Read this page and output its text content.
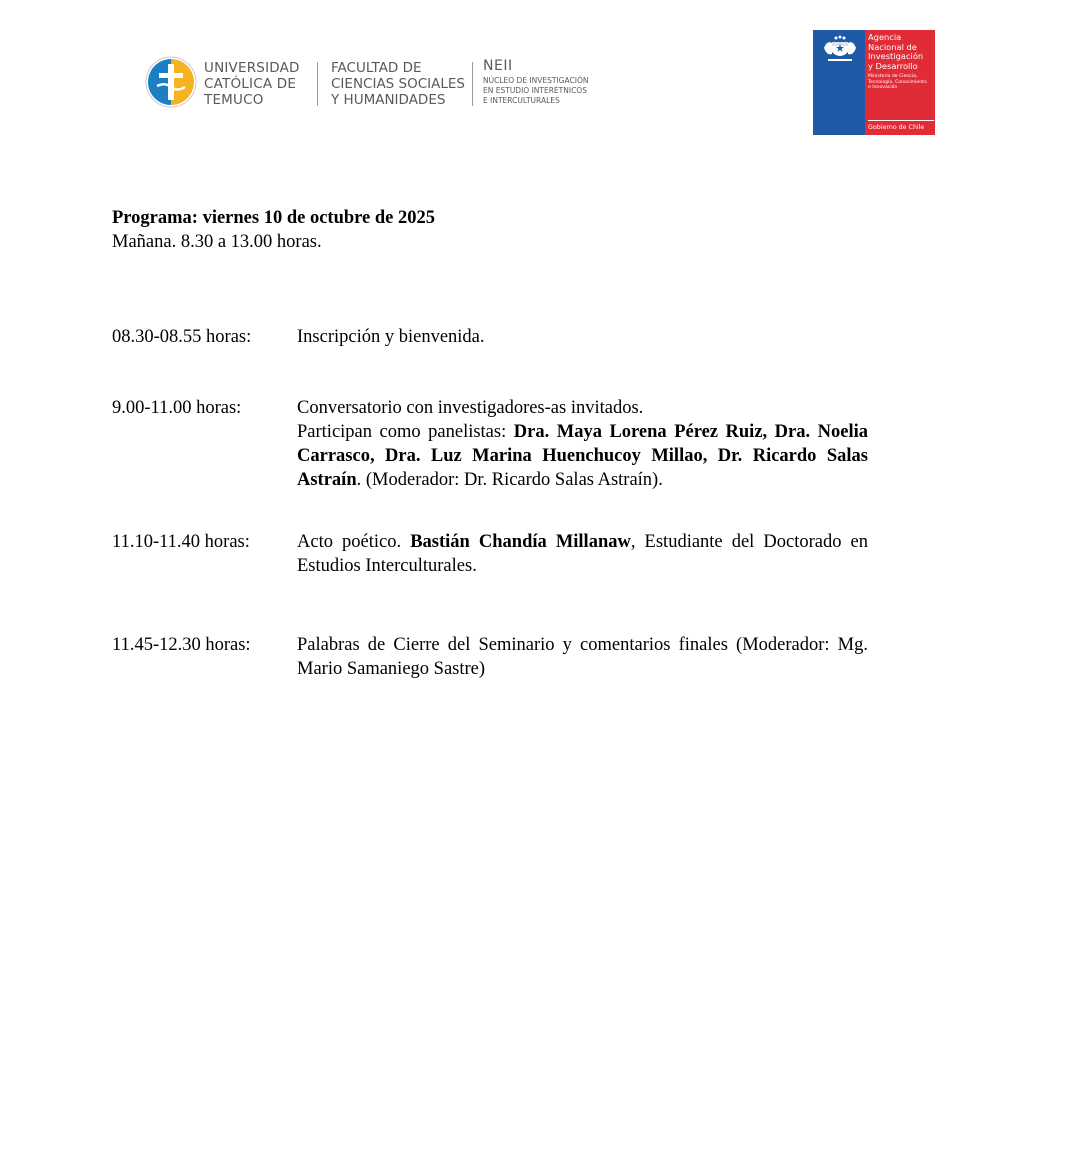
UNIVERSIDAD
CATÓLICA DE
TEMUCO
FACULTAD DE
CIENCIAS SOCIALES
Y HUMANIDADES
NEII
NÚCLEO DE INVESTIGACIÓN
EN ESTUDIO INTERÉTNICOS
E INTERCULTURALES
Agencia
Nacional de
Investigación
y Desarrollo
Ministerio de Ciencia,
Tecnología, Conocimiento
e Innovación
Gobierno de Chile
Programa: viernes 10 de octubre de 2025
Mañana. 8.30 a 13.00 horas.
08.30-08.55 horas: Inscripción y bienvenida.

9.00-11.00 horas:	Conversatorio con investigadores-as invitados.

Participan como panelistas: Dra. Maya Lorena Pérez Ruiz, Dra. Noelia Carrasco, Dra. Luz Marina Huenchucoy Millao, Dr. Ricardo Salas Astraín. (Moderador: Dr. Ricardo Salas Astraín).

11.10-11.40 horas:	Acto poético. Bastián Chandía Millanaw, Estudiante del Doctorado en Estudios Interculturales.

11.45-12.30 horas:	Palabras de Cierre del Seminario y comentarios finales (Moderador: Mg. Mario Samaniego Sastre)
